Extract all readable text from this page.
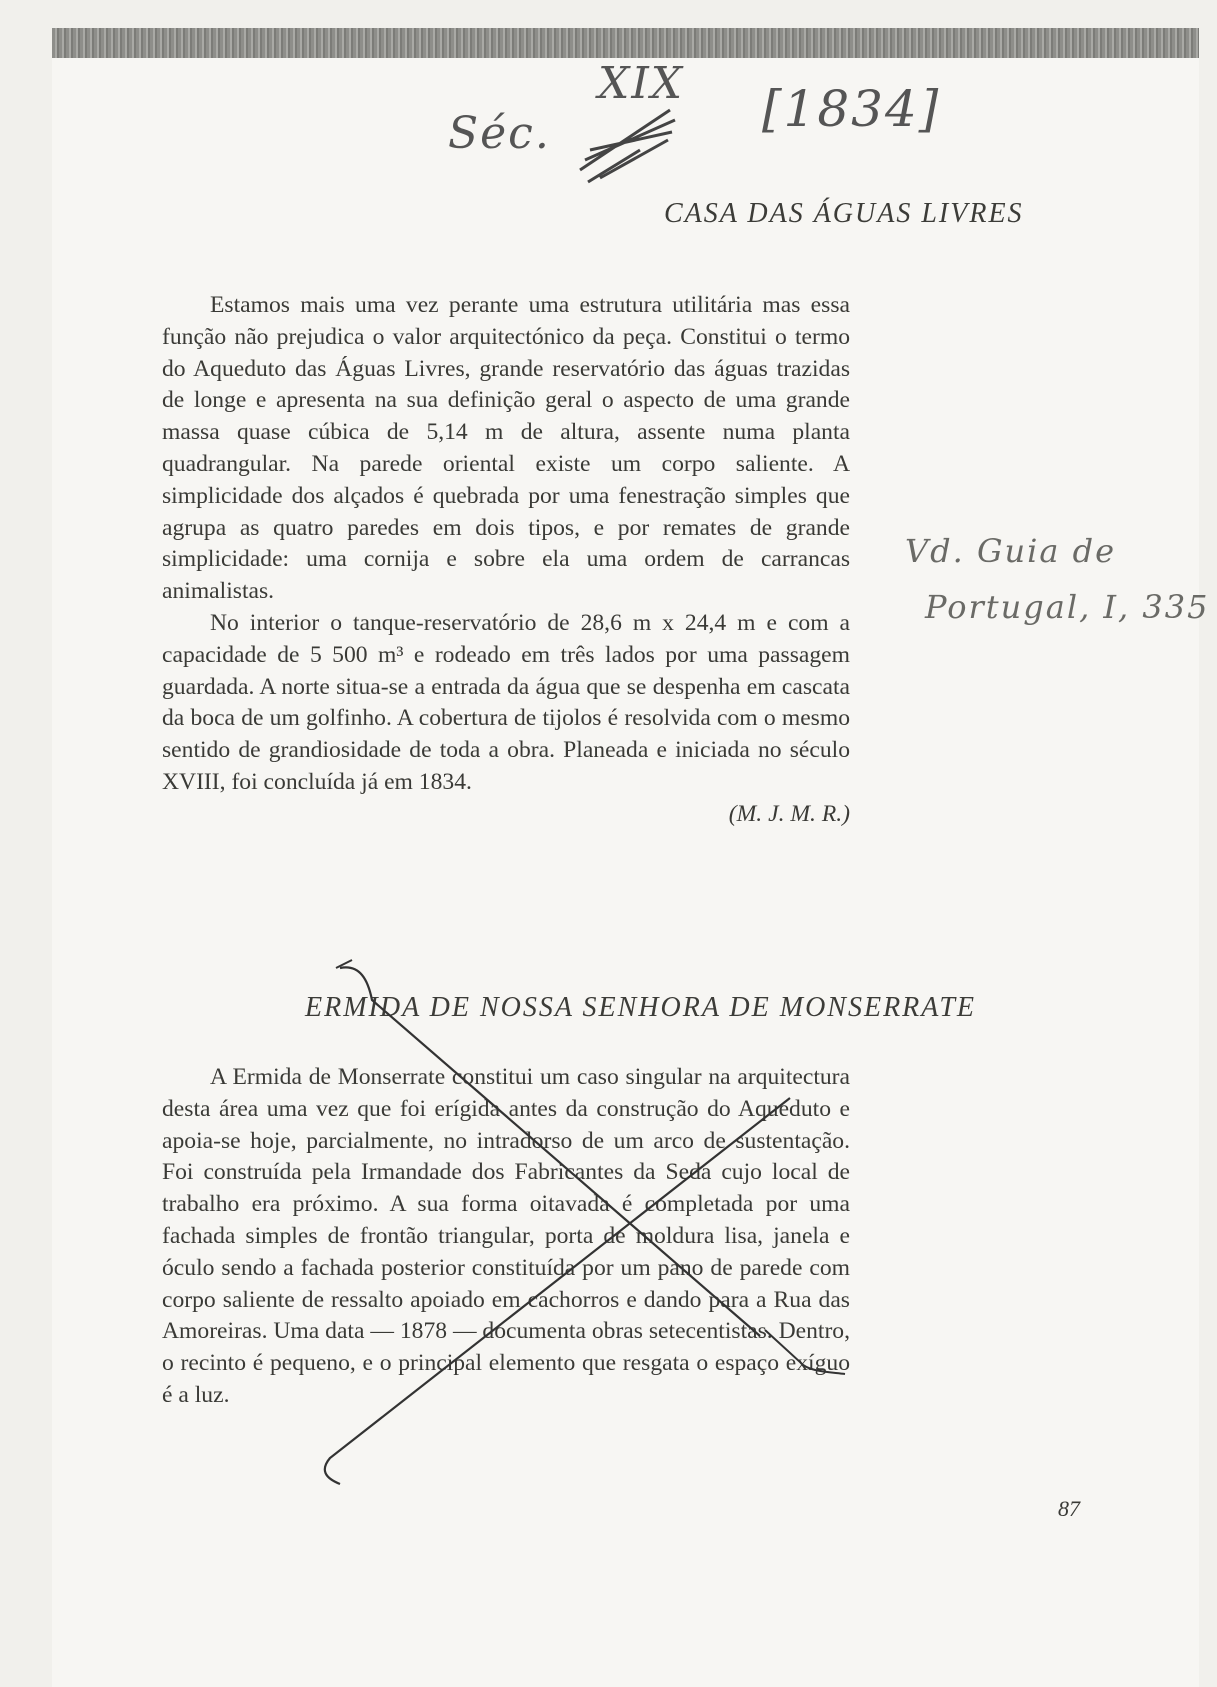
Séc.
XIX [1834]
Vd. Guia de
Portugal, I, 335
CASA DAS ÁGUAS LIVRES

Estamos mais uma vez perante uma estrutura utilitária mas essa função não prejudica o valor arquitectónico da peça. Constitui o termo do Aqueduto das Águas Livres, grande reservatório das águas trazidas de longe e apresenta na sua definição geral o aspecto de uma grande massa quase cúbica de 5,14 m de altura, assente numa planta quadrangular. Na parede oriental existe um corpo saliente. A simplicidade dos alçados é quebrada por uma fenestração simples que agrupa as quatro paredes em dois tipos, e por remates de grande simplicidade: uma cornija e sobre ela uma ordem de carrancas animalistas.

No interior o tanque-reservatório de 28,6 m x 24,4 m e com a capacidade de 5 500 m³ e rodeado em três lados por uma passagem guardada. A norte situa-se a entrada da água que se despenha em cascata da boca de um golfinho. A cobertura de tijolos é resolvida com o mesmo sentido de grandiosidade de toda a obra. Planeada e iniciada no século XVIII, foi concluída já em 1834.

(M. J. M. R.)
ERMIDA DE NOSSA SENHORA DE MONSERRATE

A Ermida de Monserrate constitui um caso singular na arquitectura desta área uma vez que foi erígida antes da construção do Aqueduto e apoia-se hoje, parcialmente, no intradorso de um arco de sustentação. Foi construída pela Irmandade dos Fabricantes da Seda cujo local de trabalho era próximo. A sua forma oitavada é completada por uma fachada simples de frontão triangular, porta de moldura lisa, janela e óculo sendo a fachada posterior constituída por um pano de parede com corpo saliente de ressalto apoiado em cachorros e dando para a Rua das Amoreiras. Uma data — 1878 — documenta obras setecentistas. Dentro, o recinto é pequeno, e o principal elemento que resgata o espaço exíguo é a luz.

87
